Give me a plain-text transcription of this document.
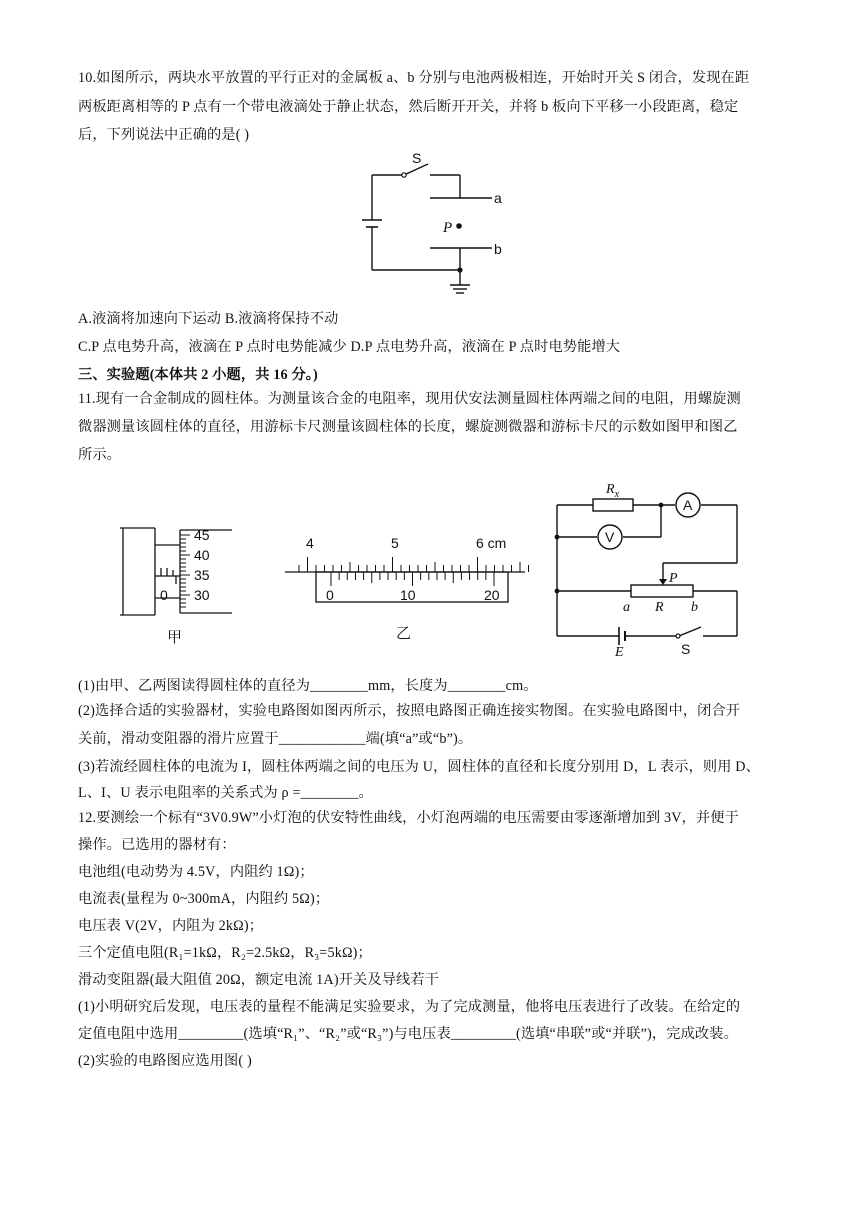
10.如图所示，两块水平放置的平行正对的金属板 a、b 分别与电池两极相连，开始时开关 S 闭合，发现在距
两板距离相等的 P 点有一个带电液滴处于静止状态，然后断开开关，并将 b 板向下平移一小段距离，稳定
后，下列说法中正确的是( )
S
a
b
P
A.液滴将加速向下运动 B.液滴将保持不动
C.P 点电势升高，液滴在 P 点时电势能减少 D.P 点电势升高，液滴在 P 点时电势能增大
三、实验题(本体共 2 小题，共 16 分。)
11.现有一合金制成的圆柱体。为测量该合金的电阻率，现用伏安法测量圆柱体两端之间的电阻，用螺旋测
微器测量该圆柱体的直径，用游标卡尺测量该圆柱体的长度，螺旋测微器和游标卡尺的示数如图甲和图乙
所示。
45
40
35
30
0
甲
4	5	6 cm
0	10	20
乙
$R_x$
A
V
P
a R b
E	S
(1)由甲、乙两图读得圆柱体的直径为________mm，长度为________cm。
(2)选择合适的实验器材，实验电路图如图丙所示，按照电路图正确连接实物图。在实验电路图中，闭合开
关前，滑动变阻器的滑片应置于____________端(填“a”或“b”)。
(3)若流经圆柱体的电流为 I，圆柱体两端之间的电压为 U，圆柱体的直径和长度分别用 D，L 表示，则用 D、
L、I、U 表示电阻率的关系式为 ρ =________。
12.要测绘一个标有“3V0.9W”小灯泡的伏安特性曲线，小灯泡两端的电压需要由零逐渐增加到 3V，并便于
操作。已选用的器材有：
电池组(电动势为 4.5V，内阻约 1Ω)；
电流表(量程为 0~300mA，内阻约 5Ω)；
电压表 V(2V，内阻为 2kΩ)；
三个定值电阻(R₁=1kΩ，R₂=2.5kΩ，R₃=5kΩ)；
滑动变阻器(最大阻值 20Ω，额定电流 1A)开关及导线若干
(1)小明研究后发现，电压表的量程不能满足实验要求，为了完成测量，他将电压表进行了改装。在给定的
定值电阻中选用_________(选填“R₁”、“R₂”或“R₃”)与电压表_________(选填“串联”或“并联”)，完成改装。
(2)实验的电路图应选用图( )
